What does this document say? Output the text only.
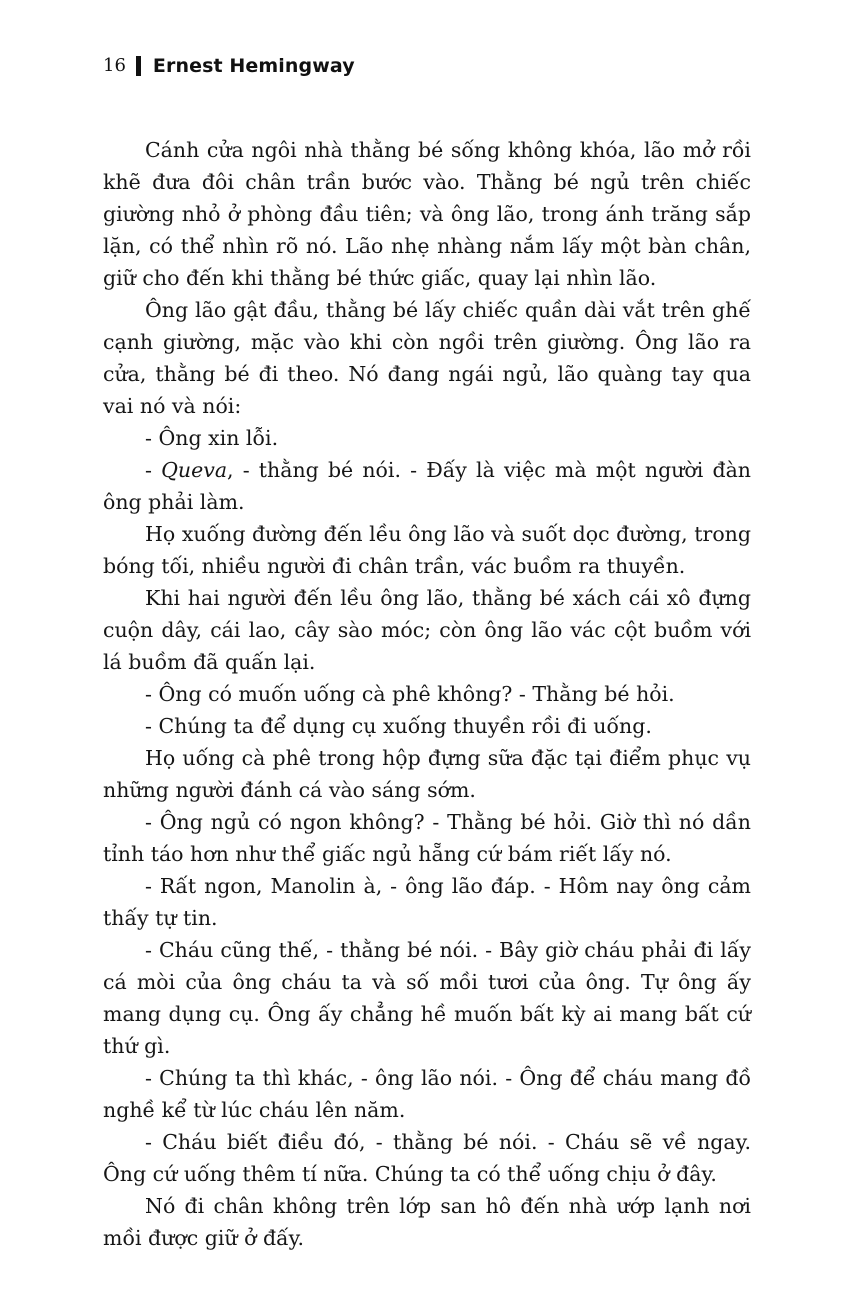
16 Ernest Hemingway

Cánh cửa ngôi nhà thằng bé sống không khóa, lão mở rồi khẽ đưa đôi chân trần bước vào. Thằng bé ngủ trên chiếc giường nhỏ ở phòng đầu tiên; và ông lão, trong ánh trăng sắp lặn, có thể nhìn rõ nó. Lão nhẹ nhàng nắm lấy một bàn chân, giữ cho đến khi thằng bé thức giấc, quay lại nhìn lão.

Ông lão gật đầu, thằng bé lấy chiếc quần dài vắt trên ghế cạnh giường, mặc vào khi còn ngồi trên giường. Ông lão ra cửa, thằng bé đi theo. Nó đang ngái ngủ, lão quàng tay qua vai nó và nói:

- Ông xin lỗi.

- Queva, - thằng bé nói. - Đấy là việc mà một người đàn ông phải làm.

Họ xuống đường đến lều ông lão và suốt dọc đường, trong bóng tối, nhiều người đi chân trần, vác buồm ra thuyền.

Khi hai người đến lều ông lão, thằng bé xách cái xô đựng cuộn dây, cái lao, cây sào móc; còn ông lão vác cột buồm với lá buồm đã quấn lại.

- Ông có muốn uống cà phê không? - Thằng bé hỏi.

- Chúng ta để dụng cụ xuống thuyền rồi đi uống.

Họ uống cà phê trong hộp đựng sữa đặc tại điểm phục vụ những người đánh cá vào sáng sớm.

- Ông ngủ có ngon không? - Thằng bé hỏi. Giờ thì nó dần tỉnh táo hơn như thể giấc ngủ hẵng cứ bám riết lấy nó.

- Rất ngon, Manolin à, - ông lão đáp. - Hôm nay ông cảm thấy tự tin.

- Cháu cũng thế, - thằng bé nói. - Bây giờ cháu phải đi lấy cá mòi của ông cháu ta và số mồi tươi của ông. Tự ông ấy mang dụng cụ. Ông ấy chẳng hề muốn bất kỳ ai mang bất cứ thứ gì.

- Chúng ta thì khác, - ông lão nói. - Ông để cháu mang đồ nghề kể từ lúc cháu lên năm.

- Cháu biết điều đó, - thằng bé nói. - Cháu sẽ về ngay. Ông cứ uống thêm tí nữa. Chúng ta có thể uống chịu ở đây.

Nó đi chân không trên lớp san hô đến nhà ướp lạnh nơi mồi được giữ ở đấy.
